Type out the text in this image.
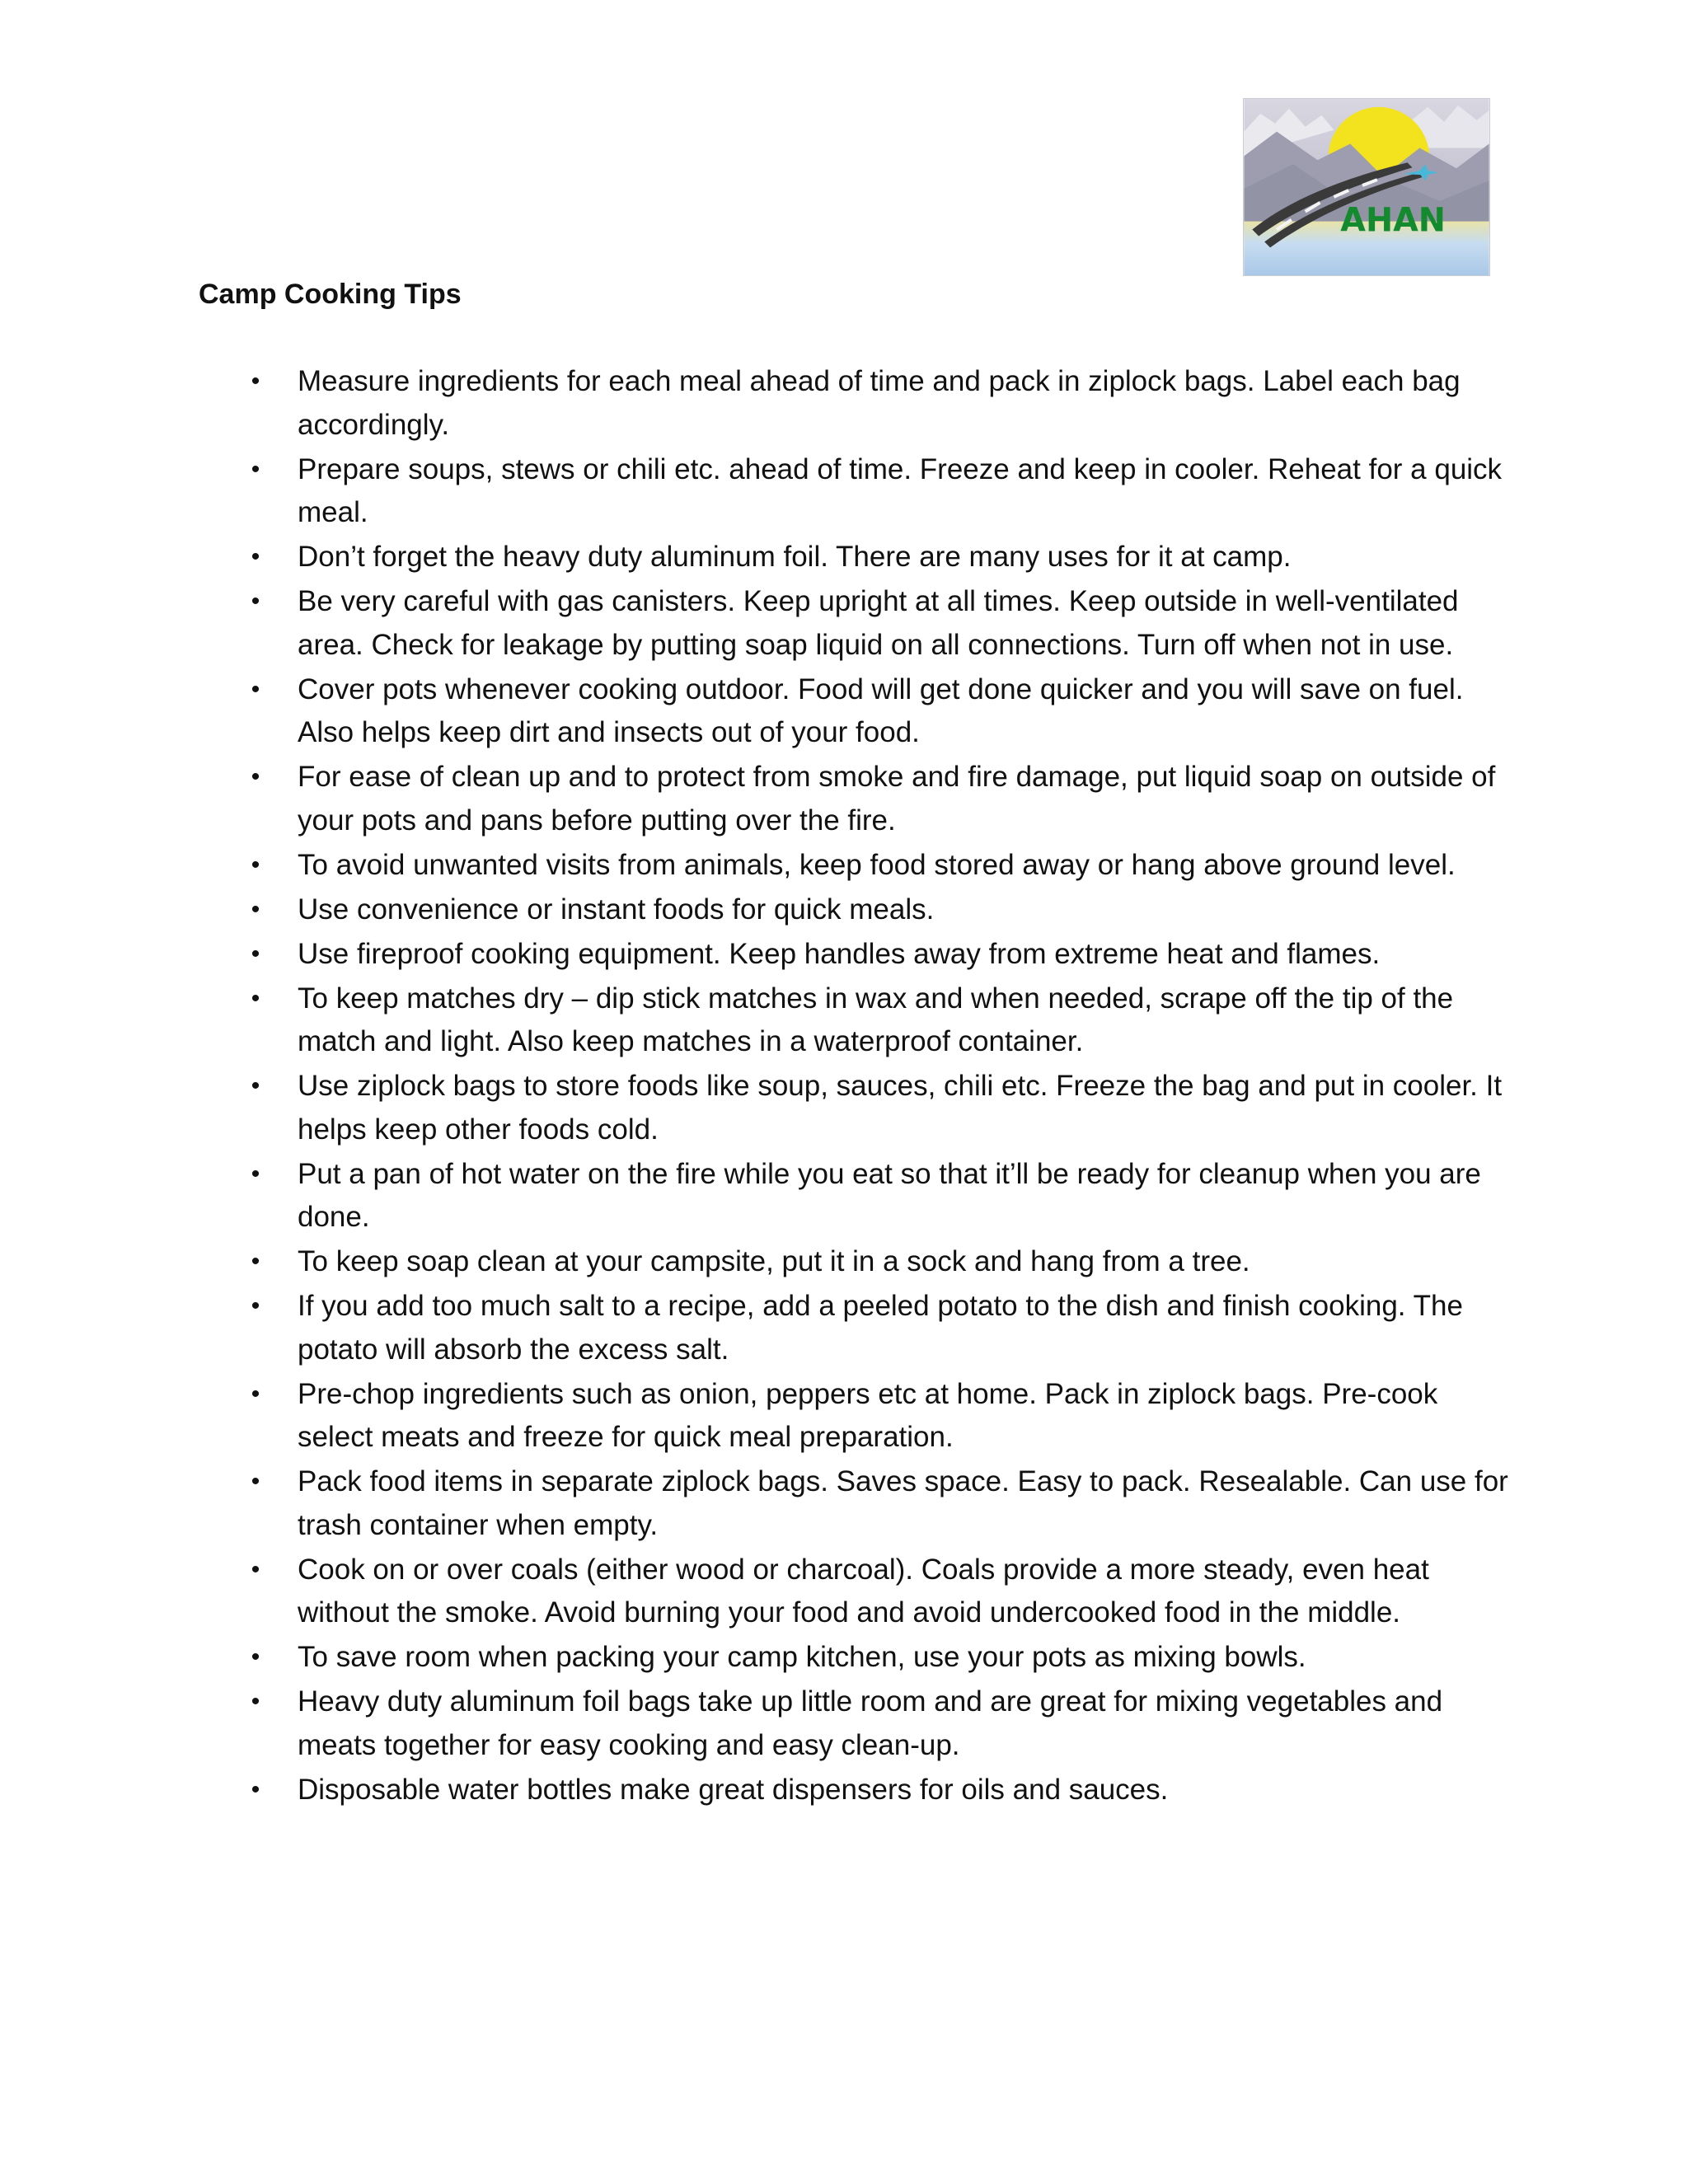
AHAN
Camp Cooking Tips
• Measure ingredients for each meal ahead of time and pack in ziplock bags. Label each bag accordingly.
• Prepare soups, stews or chili etc. ahead of time. Freeze and keep in cooler. Reheat for a quick meal.
• Don’t forget the heavy duty aluminum foil. There are many uses for it at camp.
• Be very careful with gas canisters. Keep upright at all times. Keep outside in well-ventilated area. Check for leakage by putting soap liquid on all connections. Turn off when not in use.
• Cover pots whenever cooking outdoor. Food will get done quicker and you will save on fuel. Also helps keep dirt and insects out of your food.
• For ease of clean up and to protect from smoke and fire damage, put liquid soap on outside of your pots and pans before putting over the fire.
• To avoid unwanted visits from animals, keep food stored away or hang above ground level.
• Use convenience or instant foods for quick meals.
• Use fireproof cooking equipment. Keep handles away from extreme heat and flames.
• To keep matches dry – dip stick matches in wax and when needed, scrape off the tip of the match and light. Also keep matches in a waterproof container.
• Use ziplock bags to store foods like soup, sauces, chili etc. Freeze the bag and put in cooler. It helps keep other foods cold.
• Put a pan of hot water on the fire while you eat so that it’ll be ready for cleanup when you are done.
• To keep soap clean at your campsite, put it in a sock and hang from a tree.
• If you add too much salt to a recipe, add a peeled potato to the dish and finish cooking. The potato will absorb the excess salt.
• Pre-chop ingredients such as onion, peppers etc at home. Pack in ziplock bags. Pre-cook select meats and freeze for quick meal preparation.
• Pack food items in separate ziplock bags. Saves space. Easy to pack. Resealable. Can use for trash container when empty.
• Cook on or over coals (either wood or charcoal). Coals provide a more steady, even heat without the smoke. Avoid burning your food and avoid undercooked food in the middle.
• To save room when packing your camp kitchen, use your pots as mixing bowls.
• Heavy duty aluminum foil bags take up little room and are great for mixing vegetables and meats together for easy cooking and easy clean-up.
• Disposable water bottles make great dispensers for oils and sauces.
